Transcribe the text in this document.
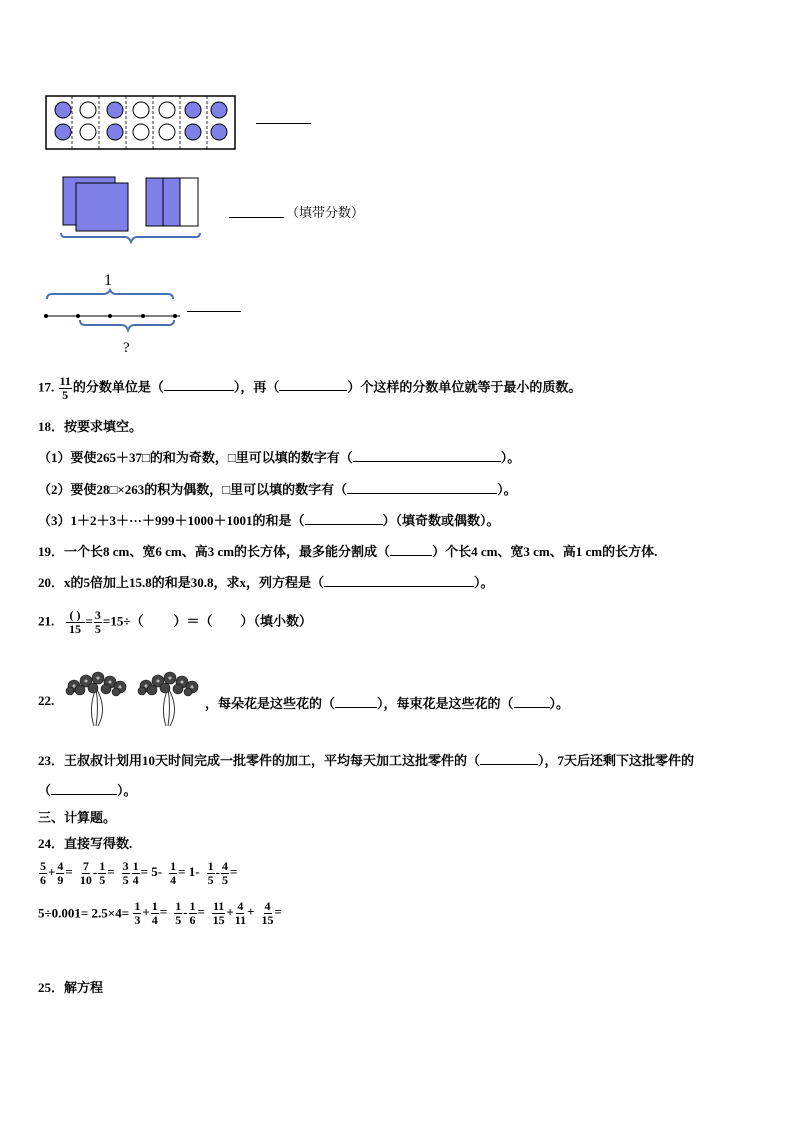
（填带分数）
1
?
17. $\frac{11}{5}$ 的分数单位是（	），再（	）个这样的分数单位就等于最小的质数。
18．按要求填空。
（1）要使265＋37□的和为奇数，□里可以填的数字有（	）。
（2）要使28□×263的积为偶数，□里可以填的数字有（	）。
（3）1＋2＋3＋···＋999＋1000＋1001的和是（	）（填奇数或偶数）。
19．一个长8 cm、宽6 cm、高3 cm的长方体，最多能分割成（	）个长4 cm、宽3 cm、高1 cm的长方体.
20．x的5倍加上15.8的和是30.8，求x，列方程是（	）。
21. $\frac{( )}{15} = \frac{3}{5} =15\div$（ ）＝（ ）（填小数）
22.	，每朵花是这些花的（	），每束花是这些花的（	）。
23．王叔叔计划用10天时间完成一批零件的加工，平均每天加工这批零件的（	），7天后还剩下这批零件的
（	）。
三、计算题。
24．直接写得数.
$\frac{5}{6} + \frac{4}{9} = \frac{7}{10} - \frac{1}{5} = \frac{3}{5} \frac{1}{4} = 5- \frac{1}{4} = 1- \frac{1}{5} - \frac{4}{5}$ =
$5\div 0.001= 2.5\times 4= \frac{1}{3} + \frac{1}{4} = \frac{1}{5} - \frac{1}{6} = \frac{11}{15} + \frac{4}{11} + \frac{4}{15}$ =
25．解方程
